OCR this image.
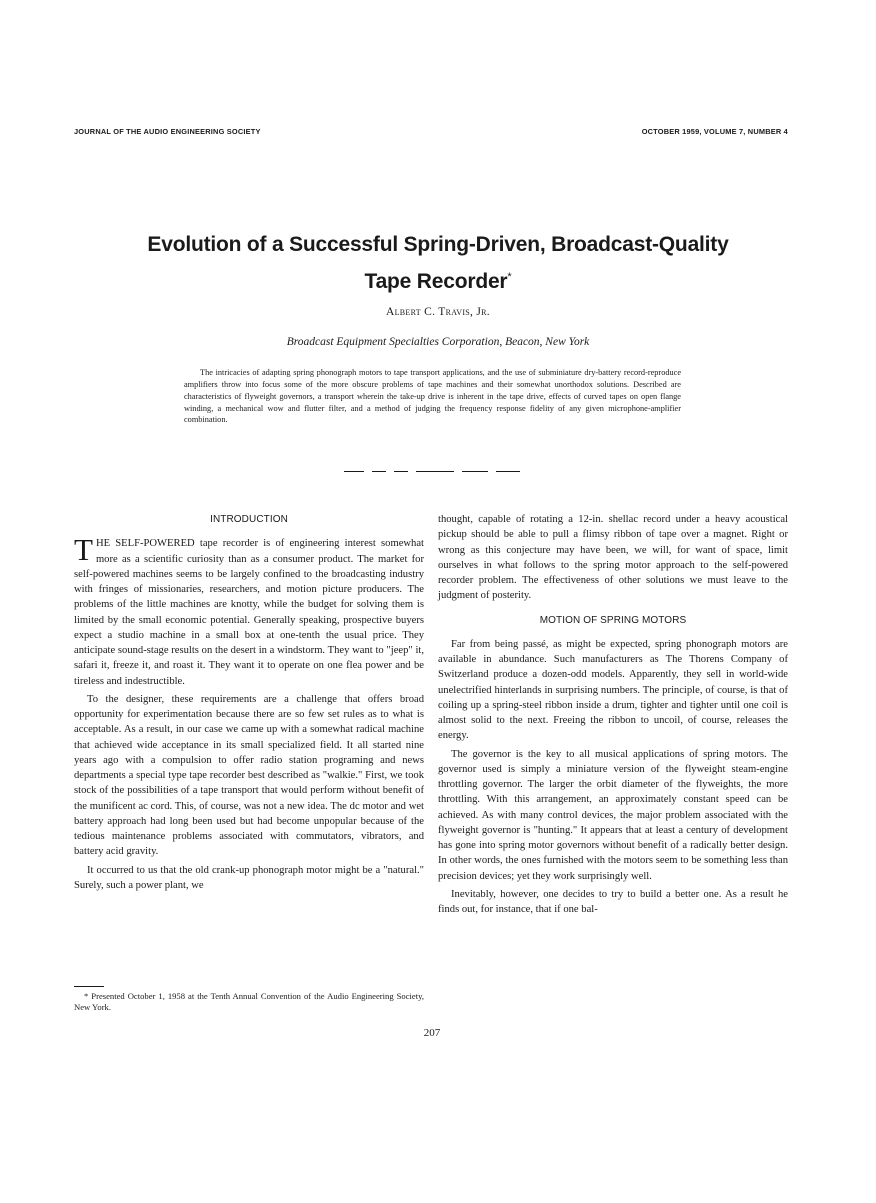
JOURNAL OF THE AUDIO ENGINEERING SOCIETY	OCTOBER 1959, VOLUME 7, NUMBER 4
Evolution of a Successful Spring-Driven, Broadcast-Quality
Tape Recorder*
Albert C. Travis, Jr.
Broadcast Equipment Specialties Corporation, Beacon, New York

The intricacies of adapting spring phonograph motors to tape transport applications, and the use of subminiature dry-battery record-reproduce amplifiers throw into focus some of the more obscure problems of tape machines and their somewhat unorthodox solutions. Described are characteristics of flyweight governors, a transport wherein the take-up drive is inherent in the tape drive, effects of curved tapes on open flange winding, a mechanical wow and flutter filter, and a method of judging the frequency response fidelity of any given microphone-amplifier combination.

INTRODUCTION

THE SELF-POWERED tape recorder is of engineering interest somewhat more as a scientific curiosity than as a consumer product. The market for self-powered machines seems to be largely confined to the broadcasting industry with fringes of missionaries, researchers, and motion picture producers. The problems of the little machines are knotty, while the budget for solving them is limited by the small economic potential. Generally speaking, prospective buyers expect a studio machine in a small box at one-tenth the usual price. They anticipate sound-stage results on the desert in a windstorm. They want to "jeep" it, safari it, freeze it, and roast it. They want it to operate on one flea power and be tireless and indestructible.

To the designer, these requirements are a challenge that offers broad opportunity for experimentation because there are so few set rules as to what is acceptable. As a result, in our case we came up with a somewhat radical machine that achieved wide acceptance in its small specialized field. It all started nine years ago with a compulsion to offer radio station programing and news departments a special type tape recorder best described as "walkie." First, we took stock of the possibilities of a tape transport that would perform without benefit of the munificent ac cord. This, of course, was not a new idea. The dc motor and wet battery approach had long been used but had become unpopular because of the tedious maintenance problems associated with commutators, vibrators, and battery acid gravity.

It occurred to us that the old crank-up phonograph motor might be a "natural." Surely, such a power plant, we

thought, capable of rotating a 12-in. shellac record under a heavy acoustical pickup should be able to pull a flimsy ribbon of tape over a magnet. Right or wrong as this conjecture may have been, we will, for want of space, limit ourselves in what follows to the spring motor approach to the self-powered recorder problem. The effectiveness of other solutions we must leave to the judgment of posterity.

MOTION OF SPRING MOTORS

Far from being passé, as might be expected, spring phonograph motors are available in abundance. Such manufacturers as The Thorens Company of Switzerland produce a dozen-odd models. Apparently, they sell in world-wide unelectrified hinterlands in surprising numbers. The principle, of course, is that of coiling up a spring-steel ribbon inside a drum, tighter and tighter until one coil is almost solid to the next. Freeing the ribbon to uncoil, of course, releases the energy.

The governor is the key to all musical applications of spring motors. The governor used is simply a miniature version of the flyweight steam-engine throttling governor. The larger the orbit diameter of the flyweights, the more throttling. With this arrangement, an approximately constant speed can be achieved. As with many control devices, the major problem associated with the flyweight governor is "hunting." It appears that at least a century of development has gone into spring motor governors without benefit of a radically better design. In other words, the ones furnished with the motors seem to be something less than precision devices; yet they work surprisingly well.

Inevitably, however, one decides to try to build a better one. As a result he finds out, for instance, that if one bal-

* Presented October 1, 1958 at the Tenth Annual Convention of the Audio Engineering Society, New York.

207
